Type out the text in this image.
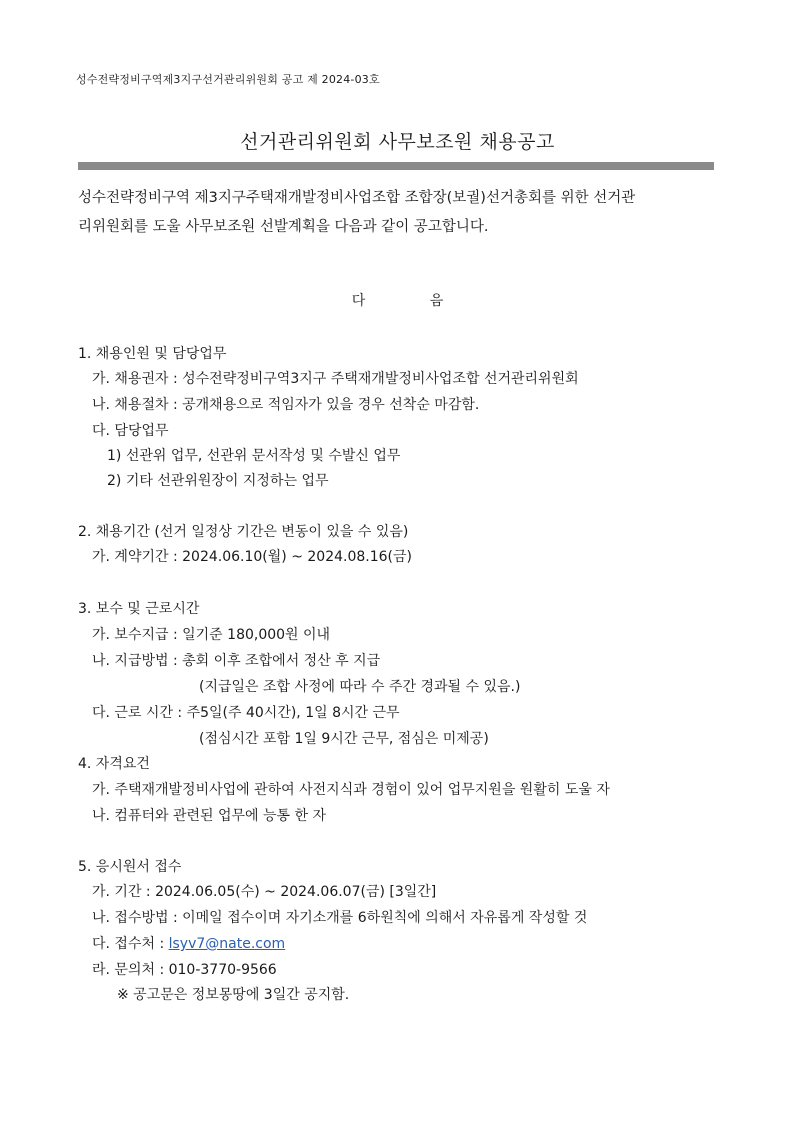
성수전략정비구역제3지구선거관리위원회 공고 제 2024-03호
선거관리위원회 사무보조원 채용공고

성수전략정비구역 제3지구주택재개발정비사업조합 조합장(보궐)선거총회를 위한 선거관

리위원회를 도울 사무보조원 선발계획을 다음과 같이 공고합니다.

다 음
1. 채용인원 및 담당업무
가. 채용권자 : 성수전략정비구역3지구 주택재개발정비사업조합 선거관리위원회
나. 채용절차 : 공개채용으로 적임자가 있을 경우 선착순 마감함.
다. 담당업무
1) 선관위 업무, 선관위 문서작성 및 수발신 업무
2) 기타 선관위원장이 지정하는 업무
2. 채용기간 (선거 일정상 기간은 변동이 있을 수 있음)
가. 계약기간 : 2024.06.10(월) ~ 2024.08.16(금)
3. 보수 및 근로시간
가. 보수지급 : 일기준 180,000원 이내
나. 지급방법 : 총회 이후 조합에서 정산 후 지급
(지급일은 조합 사정에 따라 수 주간 경과될 수 있음.)
다. 근로 시간 : 주5일(주 40시간), 1일 8시간 근무
(점심시간 포함 1일 9시간 근무, 점심은 미제공)
4. 자격요건
가. 주택재개발정비사업에 관하여 사전지식과 경험이 있어 업무지원을 원활히 도울 자
나. 컴퓨터와 관련된 업무에 능통 한 자
5. 응시원서 접수
가. 기간 : 2024.06.05(수) ~ 2024.06.07(금) [3일간]
나. 접수방법 : 이메일 접수이며 자기소개를 6하원칙에 의해서 자유롭게 작성할 것
다. 접수처 : lsyv7@nate.com
라. 문의처 : 010-3770-9566
※ 공고문은 정보몽땅에 3일간 공지함.
